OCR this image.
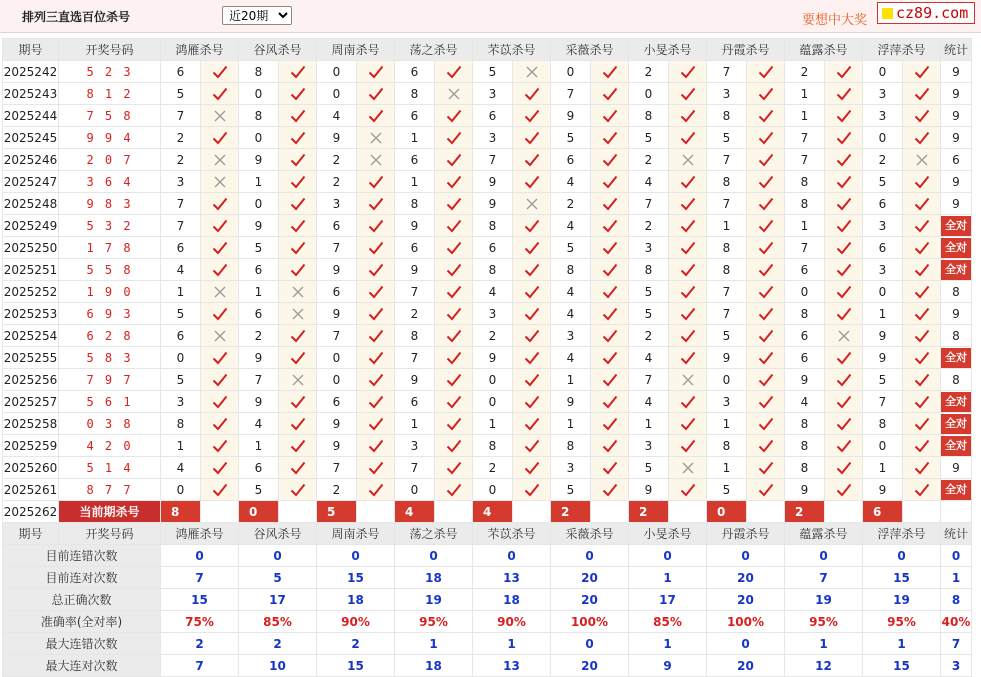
排列三直选百位杀号
近20期	要想中大奖	cz89.com
期号	开奖号码	鸿雁杀号		谷风杀号		周南杀号		荡之杀号		芣苡杀号		采薇杀号		小旻杀号		丹霞杀号		蕴露杀号		浮萍杀号		统计
2025242	5 2 3	6		8		0		6		5		0		2		7		2		0		9
2025243	8 1 2	5		0		0		8		3		7		0		3		1		3		9
2025244	7 5 8	7		8		4		6		6		9		8		8		1		3		9
2025245	9 9 4	2		0		9		1		3		5		5		5		7		0		9
2025246	2 0 7	2		9		2		6		7		6		2		7		7		2		6
2025247	3 6 4	3		1		2		1		9		4		4		8		8		5		9
2025248	9 8 3	7		0		3		8		9		2		7		7		8		6		9
2025249	5 3 2	7		9		6		9		8		4		2		1		1		3		全对

2025250	1 7 8	6		5		7		6		6		5		3		8		7		6		全对

2025251	5 5 8	4		6		9		9		8		8		8		8		6		3		全对

2025252	1 9 0	1		1		6		7		4		4		5		7		0		0		8
2025253	6 9 3	5		6		9		2		3		4		5		7		8		1		9
2025254	6 2 8	6		2		7		8		2		3		2		5		6		9		8
2025255	5 8 3	0		9		0		7		9		4		4		9		6		9		全对

2025256	7 9 7	5		7		0		9		0		1		7		0		9		5		8
2025257	5 6 1	3		9		6		6		0		9		4		3		4		7		全对

2025258	0 3 8	8		4		9		1		1		1		1		1		8		8		全对

2025259	4 2 0	1		1		9		3		8		8		3		8		8		0		全对

2025260	5 1 4	4		6		7		7		2		3		5		1		8		1		9
2025261	8 7 7	0		5		2		0		0		5		9		5		9		9		全对

2025262	当前期杀号	8		0		5		4		4		2		2		0		2		6		
期号	开奖号码	鸿雁杀号		谷风杀号		周南杀号		荡之杀号		芣苡杀号		采薇杀号		小旻杀号		丹霞杀号		蕴露杀号		浮萍杀号		统计
目前连错次数		0		0		0		0		0		0		0		0		0		0		0
目前连对次数		7		5		15		18		13		20		1		20		7		15		1
总正确次数		15		17		18		19		18		20		17		20		19		19		8
准确率(全对率)		75%		85%		90%		95%		90%		100%		85%		100%		95%		95%		40%
最大连错次数		2		2		2		1		1		0		1		0		1		1		7
最大连对次数		7		10		15		18		13		20		9		20		12		15		3
